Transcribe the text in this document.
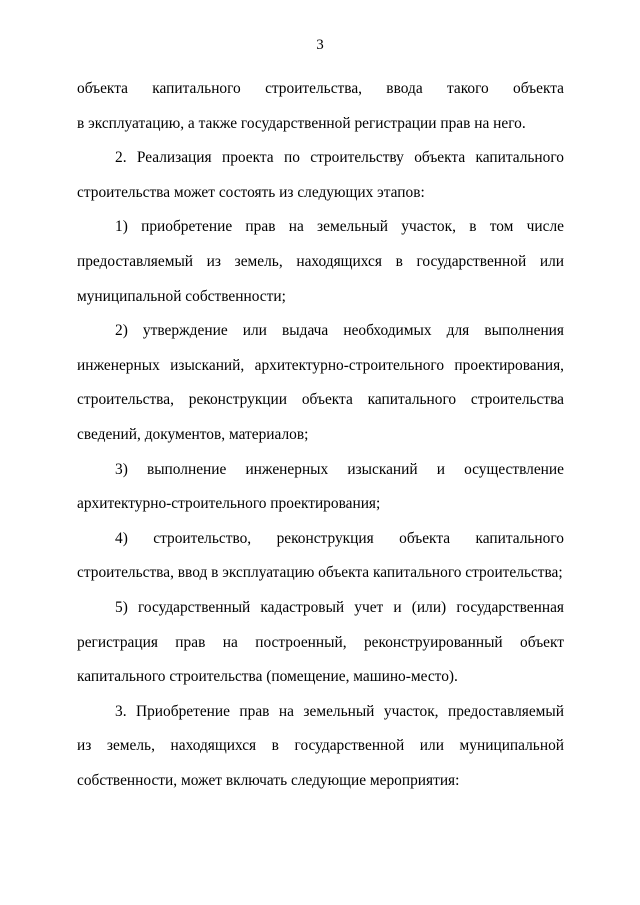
3

объекта капитального строительства, ввода такого объекта
в эксплуатацию, а также государственной регистрации прав на него.

2. Реализация проекта по строительству объекта капитального
строительства может состоять из следующих этапов:

1) приобретение прав на земельный участок, в том числе
предоставляемый из земель, находящихся в государственной или
муниципальной собственности;

2) утверждение или выдача необходимых для выполнения
инженерных изысканий, архитектурно-строительного проектирования,
строительства, реконструкции объекта капитального строительства
сведений, документов, материалов;

3) выполнение инженерных изысканий и осуществление
архитектурно-строительного проектирования;

4) строительство, реконструкция объекта капитального
строительства, ввод в эксплуатацию объекта капитального строительства;

5) государственный кадастровый учет и (или) государственная
регистрация прав на построенный, реконструированный объект
капитального строительства (помещение, машино-место).

3. Приобретение прав на земельный участок, предоставляемый
из земель, находящихся в государственной или муниципальной
собственности, может включать следующие мероприятия:
